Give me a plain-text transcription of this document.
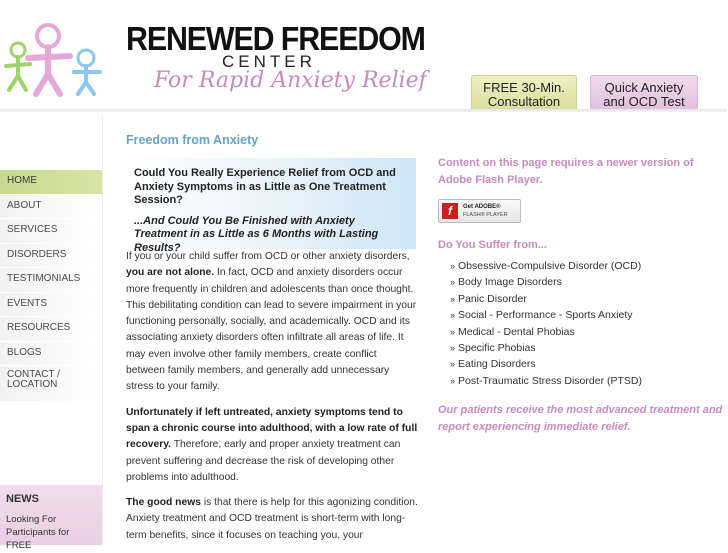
RENEWED FREEDOM
CENTER
For Rapid Anxiety Relief	FREE 30-Min.
Consultation
Quick Anxiety
and OCD Test
HOME
ABOUT
SERVICES
DISORDERS
TESTIMONIALS
EVENTS
RESOURCES
BLOGS
CONTACT /
LOCATION
NEWS
Looking For
Participants for FREE
Freedom from Anxiety
Could You Really Experience Relief from OCD and Anxiety Symptoms in as Little as One Treatment Session?
...And Could You Be Finished with Anxiety Treatment in as Little as 6 Months with Lasting Results?

If you or your child suffer from OCD or other anxiety disorders, you are not alone. In fact, OCD and anxiety disorders occur more frequently in children and adolescents than once thought. This debilitating condition can lead to severe impairment in your functioning personally, socially, and academically. OCD and its associating anxiety disorders often infiltrate all areas of life. It may even involve other family members, create conflict between family members, and generally add unnecessary stress to your family.

Unfortunately if left untreated, anxiety symptoms tend to span a chronic course into adulthood, with a low rate of full recovery. Therefore, early and proper anxiety treatment can prevent suffering and decrease the risk of developing other problems into adulthood.

The good news is that there is help for this agonizing condition. Anxiety treatment and OCD treatment is short-term with long-term benefits, since it focuses on teaching you, your

Content on this page requires a newer version of Adobe Flash Player.
f	Get ADOBE®
FLASH® PLAYER
Do You Suffer from...
» Obsessive-Compulsive Disorder (OCD)
» Body Image Disorders
» Panic Disorder
» Social - Performance - Sports Anxiety
» Medical - Dental Phobias
» Specific Phobias
» Eating Disorders
» Post-Traumatic Stress Disorder (PTSD)
Our patients receive the most advanced treatment and report experiencing immediate relief.
